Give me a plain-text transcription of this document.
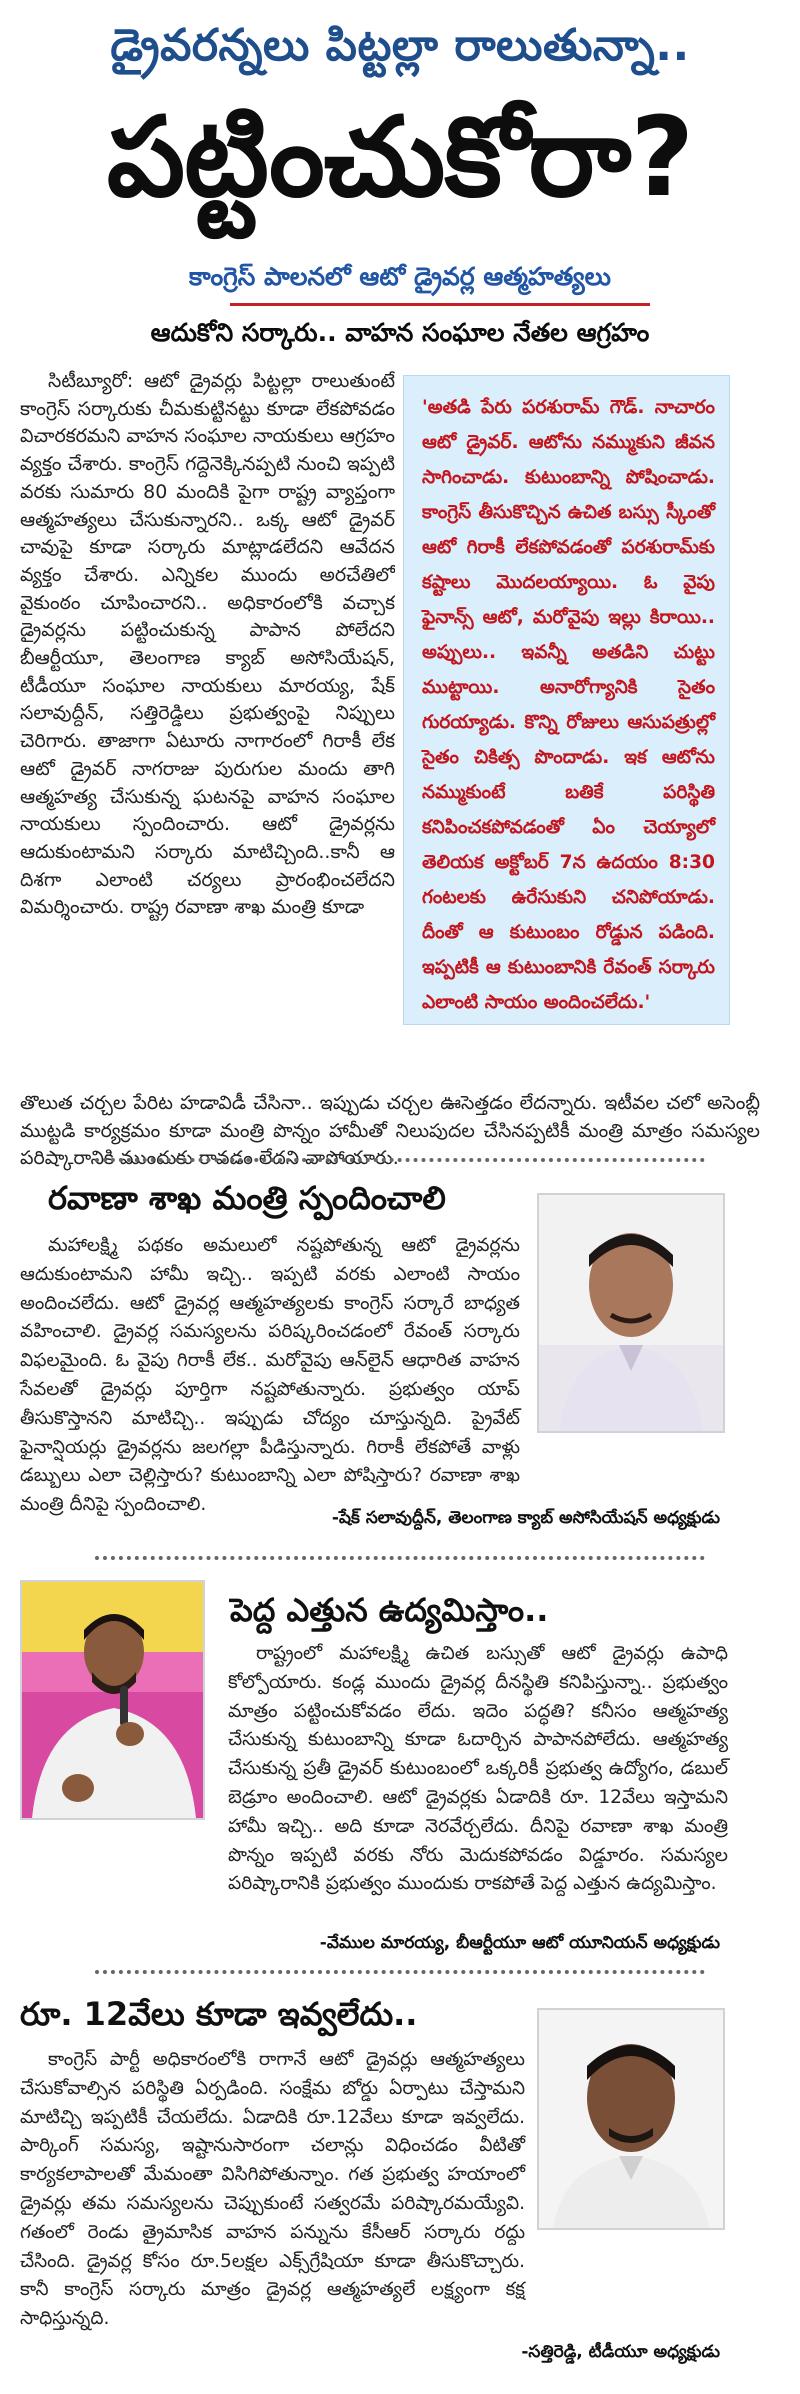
డ్రైవరన్నలు పిట్టల్లా రాలుతున్నా..
పట్టించుకోరా?
కాంగ్రెస్ పాలనలో ఆటో డ్రైవర్ల ఆత్మహత్యలు
ఆదుకోని సర్కారు.. వాహన సంఘాల నేతల ఆగ్రహం

సిటీబ్యూరో: ఆటో డ్రైవర్లు పిట్టల్లా రాలుతుంటే కాంగ్రెస్ సర్కారుకు చీమకుట్టినట్టు కూడా లేకపోవడం విచారకరమని వాహన సంఘాల నాయకులు ఆగ్రహం వ్యక్తం చేశారు. కాంగ్రెస్ గద్దెనెక్కినప్పటి నుంచి ఇప్పటి వరకు సుమారు 80 మందికి పైగా రాష్ట్ర వ్యాప్తంగా ఆత్మహత్యలు చేసుకున్నారని.. ఒక్క ఆటో డ్రైవర్ చావుపై కూడా సర్కారు మాట్లాడలేదని ఆవేదన వ్యక్తం చేశారు. ఎన్నికల ముందు అరచేతిలో వైకుంఠం చూపించారని.. అధికారంలోకి వచ్చాక డ్రైవర్లను పట్టించుకున్న పాపాన పోలేదని బీఆర్టీయూ, తెలంగాణ క్యాబ్ అసోసియేషన్, టీడీయూ సంఘాల నాయకులు మారయ్య, షేక్ సలావుద్దీన్, సత్తిరెడ్డిలు ప్రభుత్వంపై నిప్పులు చెరిగారు. తాజాగా ఏటూరు నాగారంలో గిరాకీ లేక ఆటో డ్రైవర్ నాగరాజు పురుగుల మందు తాగి ఆత్మహత్య చేసుకున్న ఘటనపై వాహన సంఘాల నాయకులు స్పందించారు. ఆటో డ్రైవర్లను ఆదుకుంటామని సర్కారు మాటిచ్చింది..కానీ ఆ దిశగా ఎలాంటి చర్యలు ప్రారంభించలేదని విమర్శించారు. రాష్ట్ర రవాణా శాఖ మంత్రి కూడా

'అతడి పేరు పరశురామ్ గౌడ్. నాచారం ఆటో డ్రైవర్. ఆటోను నమ్ముకుని జీవన సాగించాడు. కుటుంబాన్ని పోషించాడు. కాంగ్రెస్ తీసుకొచ్చిన ఉచిత బస్సు స్కీంతో ఆటో గిరాకీ లేకపోవడంతో పరశురామ్‌కు కష్టాలు మొదలయ్యాయి. ఓ వైపు ఫైనాన్స్ ఆటో, మరోవైపు ఇల్లు కిరాయి.. అప్పులు.. ఇవన్నీ అతడిని చుట్టు ముట్టాయి. అనారోగ్యానికి సైతం గురయ్యాడు. కొన్ని రోజులు ఆసుపత్రుల్లో సైతం చికిత్స పొందాడు. ఇక ఆటోను నమ్ముకుంటే బతికే పరిస్థితి కనిపించకపోవడంతో ఏం చెయ్యాలో తెలియక అక్టోబర్ 7న ఉదయం 8:30 గంటలకు ఉరేసుకుని చనిపోయాడు. దీంతో ఆ కుటుంబం రోడ్డున పడింది. ఇప్పటికీ ఆ కుటుంబానికి రేవంత్ సర్కారు ఎలాంటి సాయం అందించలేదు.'

తొలుత చర్చల పేరిట హడావిడీ చేసినా.. ఇప్పుడు చర్చల ఊసెత్తడం లేదన్నారు. ఇటీవల చలో అసెంబ్లీ ముట్టడి కార్యక్రమం కూడా మంత్రి పొన్నం హామీతో నిలుపుదల చేసినప్పటికీ మంత్రి మాత్రం సమస్యల పరిష్కారానికి ముందుకు రావడం లేదని వాపోయారు.

రవాణా శాఖ మంత్రి స్పందించాలి

మహాలక్ష్మి పథకం అమలులో నష్టపోతున్న ఆటో డ్రైవర్లను ఆదుకుంటామని హామీ ఇచ్చి.. ఇప్పటి వరకు ఎలాంటి సాయం అందించలేదు. ఆటో డ్రైవర్ల ఆత్మహత్యలకు కాంగ్రెస్ సర్కారే బాధ్యత వహించాలి. డ్రైవర్ల సమస్యలను పరిష్కరించడంలో రేవంత్ సర్కారు విఫలమైంది. ఓ వైపు గిరాకీ లేక.. మరోవైపు ఆన్‌లైన్ ఆధారిత వాహన సేవలతో డ్రైవర్లు పూర్తిగా నష్టపోతున్నారు. ప్రభుత్వం యాప్ తీసుకొస్తానని మాటిచ్చి.. ఇప్పుడు చోద్యం చూస్తున్నది. ప్రైవేట్ ఫైనాన్షియర్లు డ్రైవర్లను జలగల్లా పీడిస్తున్నారు. గిరాకీ లేకపోతే వాళ్లు డబ్బులు ఎలా చెల్లిస్తారు? కుటుంబాన్ని ఎలా పోషిస్తారు? రవాణా శాఖ మంత్రి దీనిపై స్పందించాలి.

-షేక్ సలావుద్దీన్, తెలంగాణ క్యాబ్ అసోసియేషన్ అధ్యక్షుడు
పెద్ద ఎత్తున ఉద్యమిస్తాం..

రాష్ట్రంలో మహాలక్ష్మి ఉచిత బస్సుతో ఆటో డ్రైవర్లు ఉపాధి కోల్పోయారు. కండ్ల ముందు డ్రైవర్ల దీనస్థితి కనిపిస్తున్నా.. ప్రభుత్వం మాత్రం పట్టించుకోవడం లేదు. ఇదెం పద్ధతి? కనీసం ఆత్మహత్య చేసుకున్న కుటుంబాన్ని కూడా ఓదార్చిన పాపానపోలేదు. ఆత్మహత్య చేసుకున్న ప్రతీ డ్రైవర్ కుటుంబంలో ఒక్కరికీ ప్రభుత్వ ఉద్యోగం, డబుల్ బెడ్రూం అందించాలి. ఆటో డ్రైవర్లకు ఏడాదికి రూ. 12వేలు ఇస్తామని హామీ ఇచ్చి.. అది కూడా నెరవేర్చలేదు. దీనిపై రవాణా శాఖ మంత్రి పొన్నం ఇప్పటి వరకు నోరు మెదుకపోవడం విడ్డూరం. సమస్యల పరిష్కారానికి ప్రభుత్వం ముందుకు రాకపోతే పెద్ద ఎత్తున ఉద్యమిస్తాం.

-వేముల మారయ్య, బీఆర్టీయూ ఆటో యూనియన్ అధ్యక్షుడు
రూ. 12వేలు కూడా ఇవ్వలేదు..

కాంగ్రెస్ పార్టీ అధికారంలోకి రాగానే ఆటో డ్రైవర్లు ఆత్మహత్యలు చేసుకోవాల్సిన పరిస్థితి ఏర్పడింది. సంక్షేమ బోర్డు ఏర్పాటు చేస్తామని మాటిచ్చి ఇప్పటికీ చేయలేదు. ఏడాదికి రూ.12వేలు కూడా ఇవ్వలేదు. పార్కింగ్ సమస్య, ఇష్టానుసారంగా చలాన్లు విధించడం వీటితో కార్యకలాపాలతో మేమంతా విసిగిపోతున్నాం. గత ప్రభుత్వ హయాంలో డ్రైవర్లు తమ సమస్యలను చెప్పుకుంటే సత్వరమే పరిష్కారమయ్యేవి. గతంలో రెండు త్రైమాసిక వాహన పన్నును కేసీఆర్ సర్కారు రద్దు చేసింది. డ్రైవర్ల కోసం రూ.5లక్షల ఎక్స్‌గ్రేషియా కూడా తీసుకొచ్చారు. కానీ కాంగ్రెస్ సర్కారు మాత్రం డ్రైవర్ల ఆత్మహత్యలే లక్ష్యంగా కక్ష సాధిస్తున్నది.

-సత్తిరెడ్డి, టీడీయూ అధ్యక్షుడు
